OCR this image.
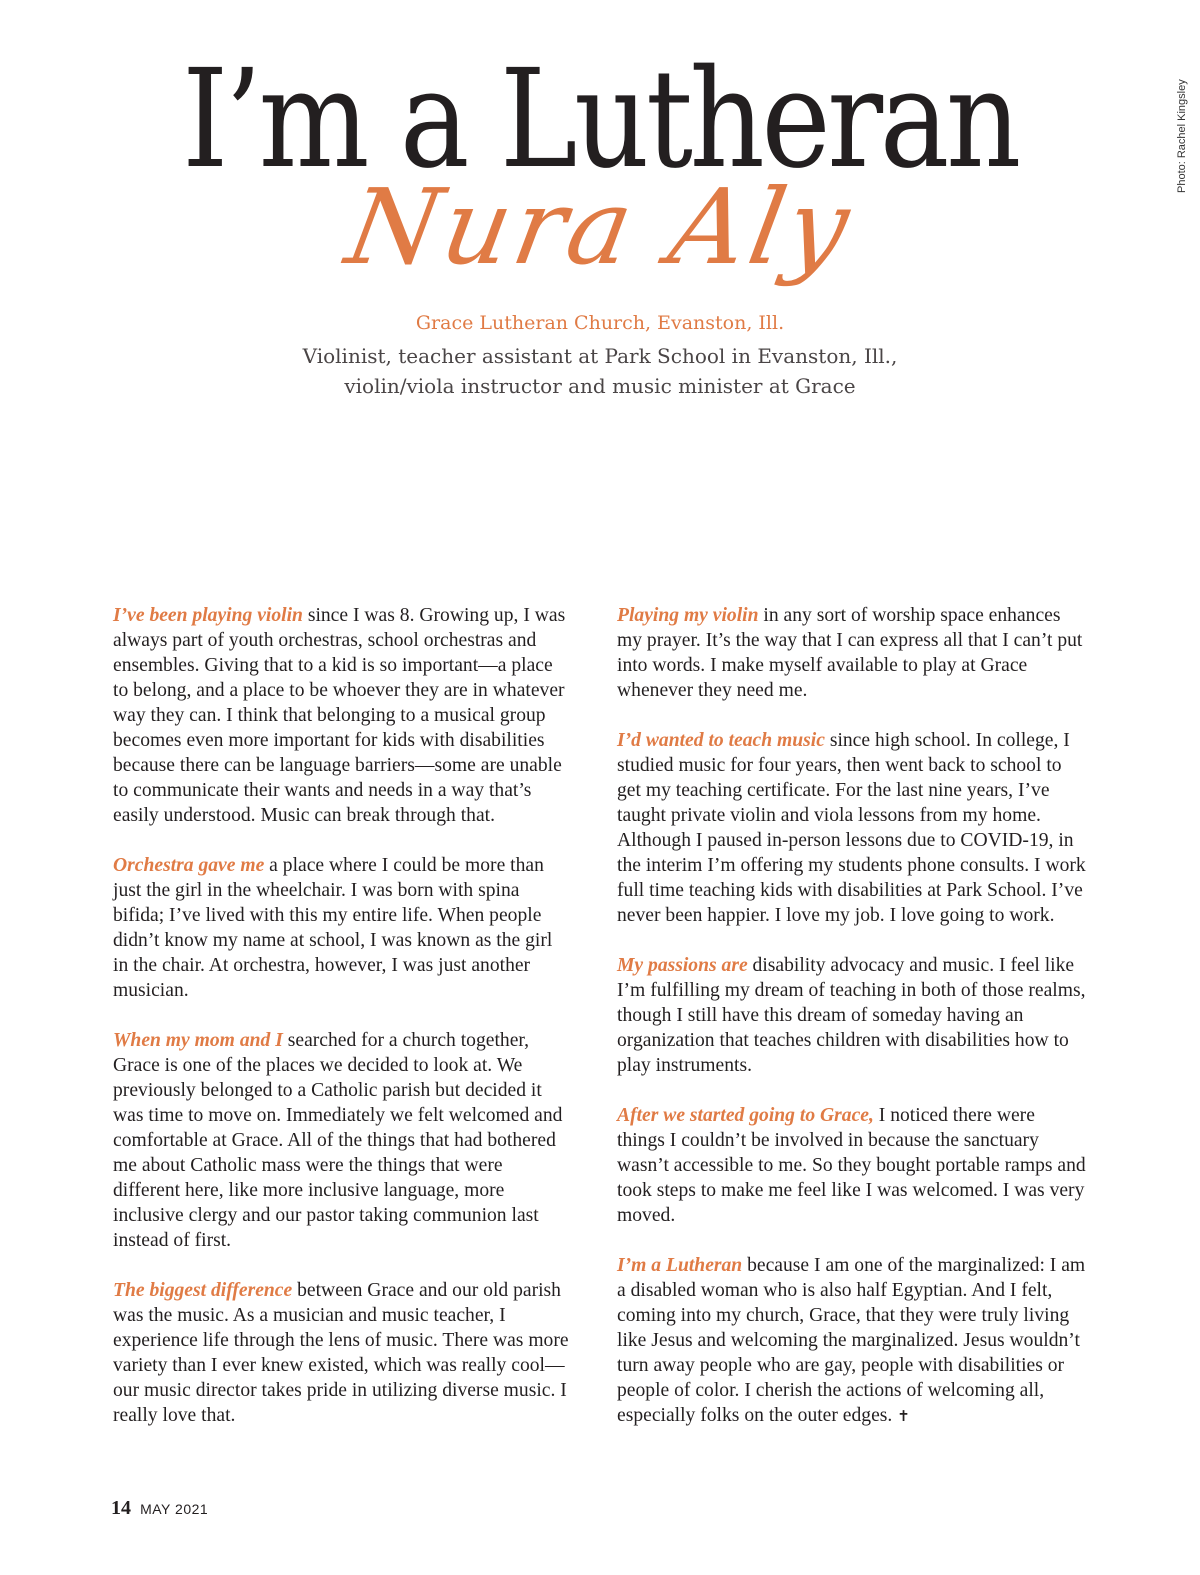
Photo: Rachel Kingsley
I’m a Lutheran
Nura Aly
Grace Lutheran Church, Evanston, Ill.
Violinist, teacher assistant at Park School in Evanston, Ill.,
violin/viola instructor and music minister at Grace

I’ve been playing violin since I was 8. Growing up, I was always part of youth orchestras, school orchestras and ensembles. Giving that to a kid is so important—a place to belong, and a place to be whoever they are in whatever way they can. I think that belonging to a musical group becomes even more important for kids with disabilities because there can be language barriers—some are unable to communicate their wants and needs in a way that’s easily understood. Music can break through that.

Orchestra gave me a place where I could be more than just the girl in the wheelchair. I was born with spina bifida; I’ve lived with this my entire life. When people didn’t know my name at school, I was known as the girl in the chair. At orchestra, however, I was just another musician.

When my mom and I searched for a church together, Grace is one of the places we decided to look at. We previously belonged to a Catholic parish but decided it was time to move on. Immediately we felt welcomed and comfortable at Grace. All of the things that had bothered me about Catholic mass were the things that were different here, like more inclusive language, more inclusive clergy and our pastor taking communion last instead of first.

The biggest difference between Grace and our old parish was the music. As a musician and music teacher, I experience life through the lens of music. There was more variety than I ever knew existed, which was really cool—our music director takes pride in utilizing diverse music. I really love that.

Playing my violin in any sort of worship space enhances my prayer. It’s the way that I can express all that I can’t put into words. I make myself available to play at Grace whenever they need me.

I’d wanted to teach music since high school. In college, I studied music for four years, then went back to school to get my teaching certificate. For the last nine years, I’ve taught private violin and viola lessons from my home. Although I paused in-person lessons due to COVID-19, in the interim I’m offering my students phone consults. I work full time teaching kids with disabilities at Park School. I’ve never been happier. I love my job. I love going to work.

My passions are disability advocacy and music. I feel like I’m fulfilling my dream of teaching in both of those realms, though I still have this dream of someday having an organization that teaches children with disabilities how to play instruments.

After we started going to Grace, I noticed there were things I couldn’t be involved in because the sanctuary wasn’t accessible to me. So they bought portable ramps and took steps to make me feel like I was welcomed. I was very moved.

I’m a Lutheran because I am one of the marginalized: I am a disabled woman who is also half Egyptian. And I felt, coming into my church, Grace, that they were truly living like Jesus and welcoming the marginalized. Jesus wouldn’t turn away people who are gay, people with disabilities or people of color. I cherish the actions of welcoming all, especially folks on the outer edges. ✝

14 MAY 2021
